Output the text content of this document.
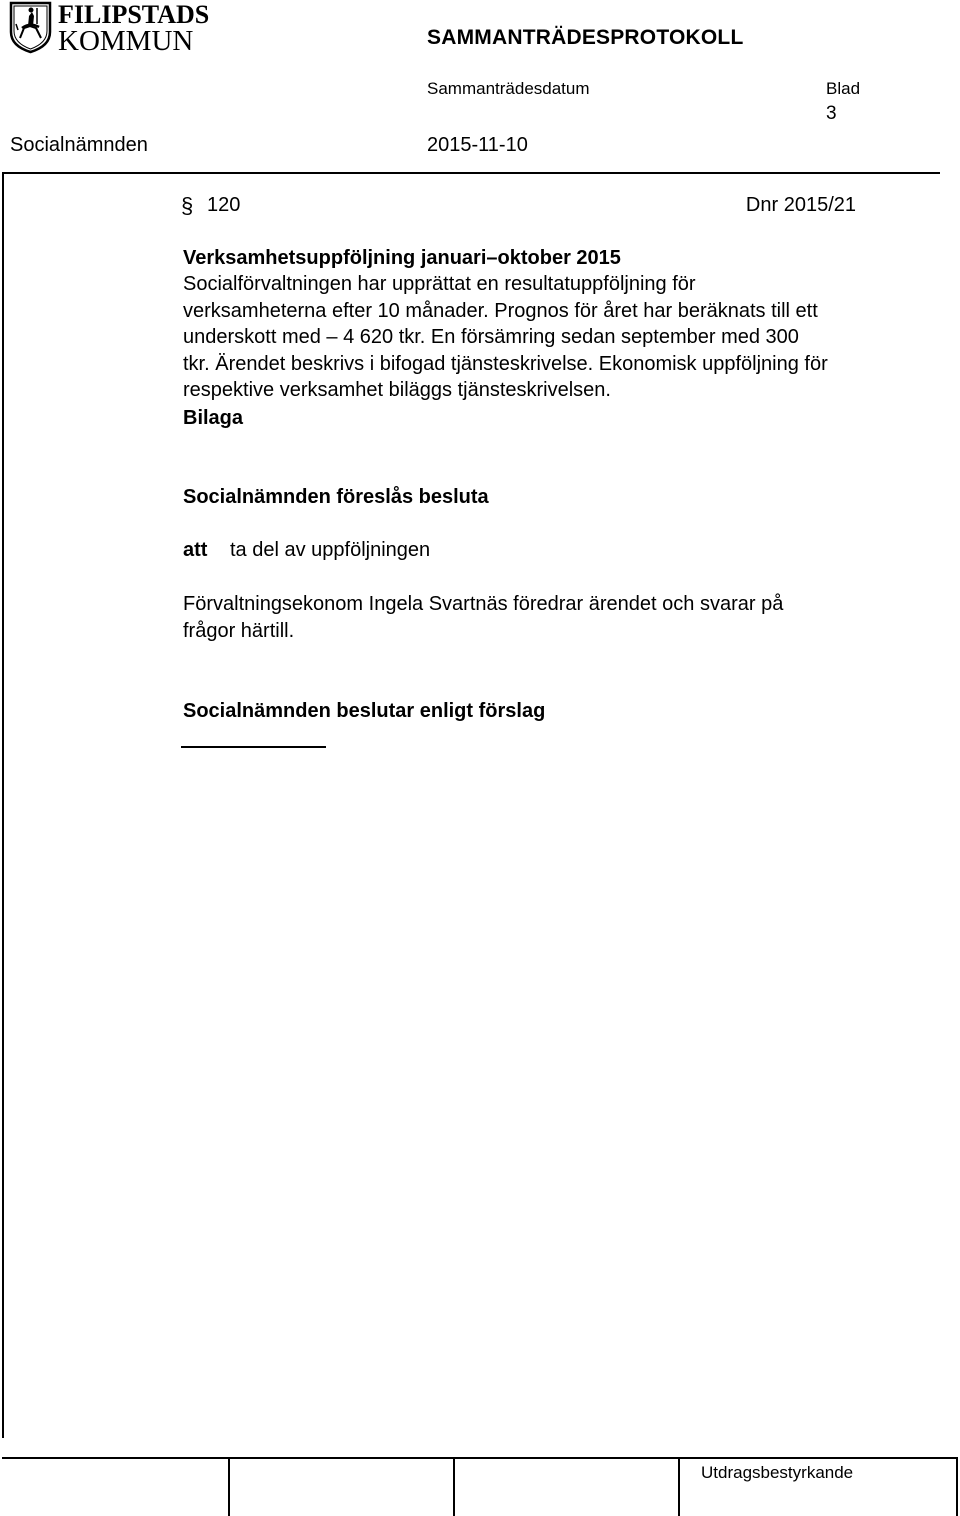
FILIPSTADS
KOMMUN	SAMMANTRÄDESPROTOKOLL
Sammanträdesdatum	Blad
3
Socialnämnden	2015-11-10
§ 120	Dnr 2015/21
Verksamhetsuppföljning januari–oktober 2015
Socialförvaltningen har upprättat en resultatuppföljning för
verksamheterna efter 10 månader. Prognos för året har beräknats till ett
underskott med – 4 620 tkr. En försämring sedan september med 300
tkr. Ärendet beskrivs i bifogad tjänsteskrivelse. Ekonomisk uppföljning för
respektive verksamhet biläggs tjänsteskrivelsen.
Bilaga
Socialnämnden föreslås besluta
att ta del av uppföljningen
Förvaltningsekonom Ingela Svartnäs föredrar ärendet och svarar på
frågor härtill.
Socialnämnden beslutar enligt förslag
Utdragsbestyrkande
